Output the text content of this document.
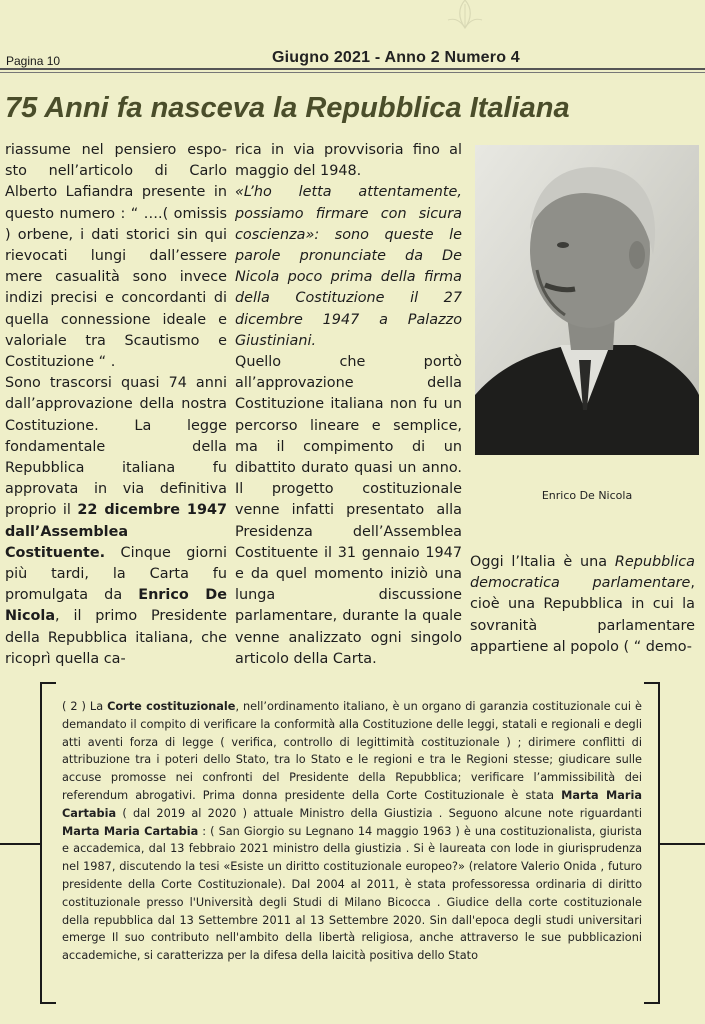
Pagina 10	Giugno 2021 - Anno 2 Numero 4
75 Anni fa nasceva la Repubblica Italiana

riassume nel pensiero espo-sto nell’articolo di Carlo Alberto Lafiandra presente in questo numero : “ ….( omissis ) orbene, i dati storici sin qui rievocati lungi dall’essere mere casualità sono invece indizi precisi e concordanti di quella connessione ideale e valoriale tra Scautismo e Costituzione “ .

Sono trascorsi quasi 74 anni dall’approvazione della nostra Costituzione. La legge fondamentale della Repubblica italiana fu approvata in via definitiva proprio il 22 dicembre 1947 dall’Assemblea Costituente. Cinque giorni più tardi, la Carta fu promulgata da Enrico De Nicola, il primo Presidente della Repubblica italiana, che ricoprì quella ca-

rica in via provvisoria fino al maggio del 1948.

«L’ho letta attentamente, possiamo firmare con sicura coscienza»: sono queste le parole pronunciate da De Nicola poco prima della firma della Costituzione il 27 dicembre 1947 a Palazzo Giustiniani.

Quello che portò all’approvazione della Costituzione italiana non fu un percorso lineare e semplice, ma il compimento di un dibattito durato quasi un anno. Il progetto costituzionale venne infatti presentato alla Presidenza dell’Assemblea Costituente il 31 gennaio 1947 e da quel momento iniziò una lunga discussione parlamentare, durante la quale venne analizzato ogni singolo articolo della Carta.

Enrico De Nicola

Oggi l’Italia è una Repubblica democratica parlamentare, cioè una Repubblica in cui la sovranità parlamentare appartiene al popolo ( “ demo-

( 2 ) La Corte costituzionale, nell’ordinamento italiano, è un organo di garanzia costituzionale cui è demandato il compito di verificare la conformità alla Costituzione delle leggi, statali e regionali e degli atti aventi forza di legge ( verifica, controllo di legittimità costituzionale ) ; dirimere conflitti di attribuzione tra i poteri dello Stato, tra lo Stato e le regioni e tra le Regioni stesse; giudicare sulle accuse promosse nei confronti del Presidente della Repubblica; verificare l’ammissibilità dei referendum abrogativi. Prima donna presidente della Corte Costituzionale è stata Marta Maria Cartabia ( dal 2019 al 2020 ) attuale Ministro della Giustizia . Seguono alcune note riguardanti Marta Maria Cartabia : ( San Giorgio su Legnano 14 maggio 1963 ) è una costituzionalista, giurista e accademica, dal 13 febbraio 2021 ministro della giustizia . Si è laureata con lode in giurisprudenza nel 1987, discutendo la tesi «Esiste un diritto costituzionale europeo?» (relatore Valerio Onida , futuro presidente della Corte Costituzionale). Dal 2004 al 2011, è stata professoressa ordinaria di diritto costituzionale presso l'Università degli Studi di Milano Bicocca . Giudice della corte costituzionale della repubblica dal 13 Settembre 2011 al 13 Settembre 2020. Sin dall'epoca degli studi universitari emerge Il suo contributo nell'ambito della libertà religiosa, anche attraverso le sue pubblicazioni accademiche, si caratterizza per la difesa della laicità positiva dello Stato
